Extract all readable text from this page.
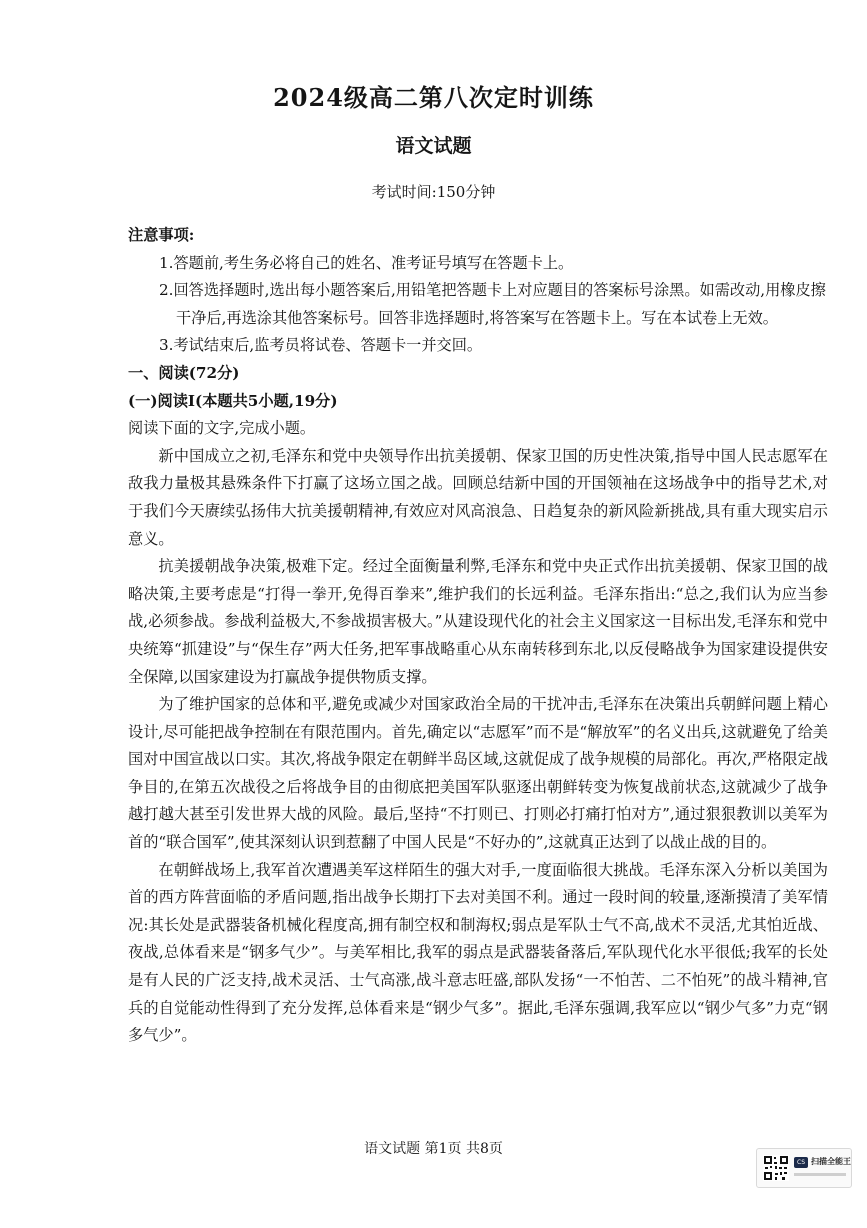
2024级高二第八次定时训练
语文试题
考试时间:150分钟

注意事项:

1.答题前,考生务必将自己的姓名、准考证号填写在答题卡上。

2.回答选择题时,选出每小题答案后,用铅笔把答题卡上对应题目的答案标号涂黑。如需改动,用橡皮擦干净后,再选涂其他答案标号。回答非选择题时,将答案写在答题卡上。写在本试卷上无效。

3.考试结束后,监考员将试卷、答题卡一并交回。

一、阅读(72分)

(一)阅读Ⅰ(本题共5小题,19分)

阅读下面的文字,完成小题。

新中国成立之初,毛泽东和党中央领导作出抗美援朝、保家卫国的历史性决策,指导中国人民志愿军在敌我力量极其悬殊条件下打赢了这场立国之战。回顾总结新中国的开国领袖在这场战争中的指导艺术,对于我们今天赓续弘扬伟大抗美援朝精神,有效应对风高浪急、日趋复杂的新风险新挑战,具有重大现实启示意义。

抗美援朝战争决策,极难下定。经过全面衡量利弊,毛泽东和党中央正式作出抗美援朝、保家卫国的战略决策,主要考虑是“打得一拳开,免得百拳来”,维护我们的长远利益。毛泽东指出:“总之,我们认为应当参战,必须参战。参战利益极大,不参战损害极大。”从建设现代化的社会主义国家这一目标出发,毛泽东和党中央统筹“抓建设”与“保生存”两大任务,把军事战略重心从东南转移到东北,以反侵略战争为国家建设提供安全保障,以国家建设为打赢战争提供物质支撑。

为了维护国家的总体和平,避免或减少对国家政治全局的干扰冲击,毛泽东在决策出兵朝鲜问题上精心设计,尽可能把战争控制在有限范围内。首先,确定以“志愿军”而不是“解放军”的名义出兵,这就避免了给美国对中国宣战以口实。其次,将战争限定在朝鲜半岛区域,这就促成了战争规模的局部化。再次,严格限定战争目的,在第五次战役之后将战争目的由彻底把美国军队驱逐出朝鲜转变为恢复战前状态,这就减少了战争越打越大甚至引发世界大战的风险。最后,坚持“不打则已、打则必打痛打怕对方”,通过狠狠教训以美军为首的“联合国军”,使其深刻认识到惹翻了中国人民是“不好办的”,这就真正达到了以战止战的目的。

在朝鲜战场上,我军首次遭遇美军这样陌生的强大对手,一度面临很大挑战。毛泽东深入分析以美国为首的西方阵营面临的矛盾问题,指出战争长期打下去对美国不利。通过一段时间的较量,逐渐摸清了美军情况:其长处是武器装备机械化程度高,拥有制空权和制海权;弱点是军队士气不高,战术不灵活,尤其怕近战、夜战,总体看来是“钢多气少”。与美军相比,我军的弱点是武器装备落后,军队现代化水平很低;我军的长处是有人民的广泛支持,战术灵活、士气高涨,战斗意志旺盛,部队发扬“一不怕苦、二不怕死”的战斗精神,官兵的自觉能动性得到了充分发挥,总体看来是“钢少气多”。据此,毛泽东强调,我军应以“钢少气多”力克“钢多气少”。

语文试题 第1页 共8页
CS 扫描全能王
